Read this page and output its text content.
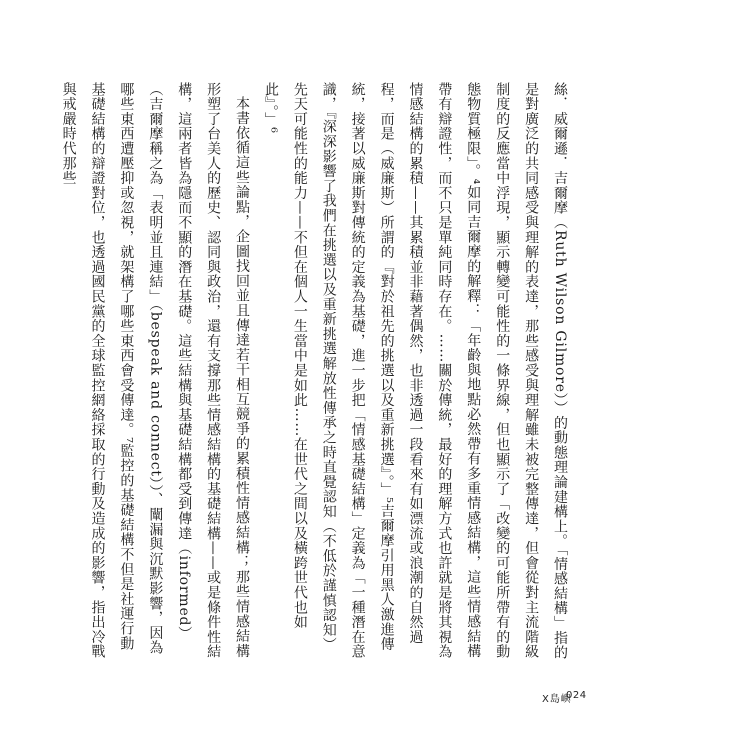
絲．威爾遜．吉爾摩（Ruth Wilson Gilmore））的動態理論建構上。「情感結構」指的是對廣泛的共同感受與理解的表達，那些感受與理解雖未被完整傳達，但會從對主流階級制度的反應當中浮現，顯示轉變可能性的一條界線，但也顯示了「改變的可能所帶有的動態物質極限」。⁴如同吉爾摩的解釋：「年齡與地點必然帶有多重情感結構，這些情感結構帶有辯證性，而不只是單純同時存在。……關於傳統，最好的理解方式也許就是將其視為情感結構的累積——其累積並非藉著偶然，也非透過一段看來有如漂流或浪潮的自然過程，而是（威廉斯）所謂的『對於祖先的挑選以及重新挑選』。」⁵吉爾摩引用黑人激進傳統，接著以威廉斯對傳統的定義為基礎，進一步把「情感基礎結構」定義為「一種潛在意識，『深深影響了我們在挑選以及重新挑選解放性傳承之時直覺認知（不低於謹慎認知）先天可能性的能力——不但在個人一生當中是如此……在世代之間以及橫跨世代也如此』。」⁶

本書依循這些論點，企圖找回並且傳達若干相互競爭的累積性情感結構；那些情感結構形塑了台美人的歷史、認同與政治，還有支撐那些情感結構的基礎結構——或是條件性結構，這兩者皆為隱而不顯的潛在基礎。這些結構與基礎結構都受到傳達（informed）（吉爾摩稱之為「表明並且連結」（bespeak and connect））、闡漏與沉默影響，因為哪些東西遭壓抑或忽視，就架構了哪些東西會受傳達。⁷監控的基礎結構不但是社運行動基礎結構的辯證對位，也透過國民黨的全球監控網絡採取的行動及造成的影響，指出冷戰與戒嚴時代那些

X島嶼
024
